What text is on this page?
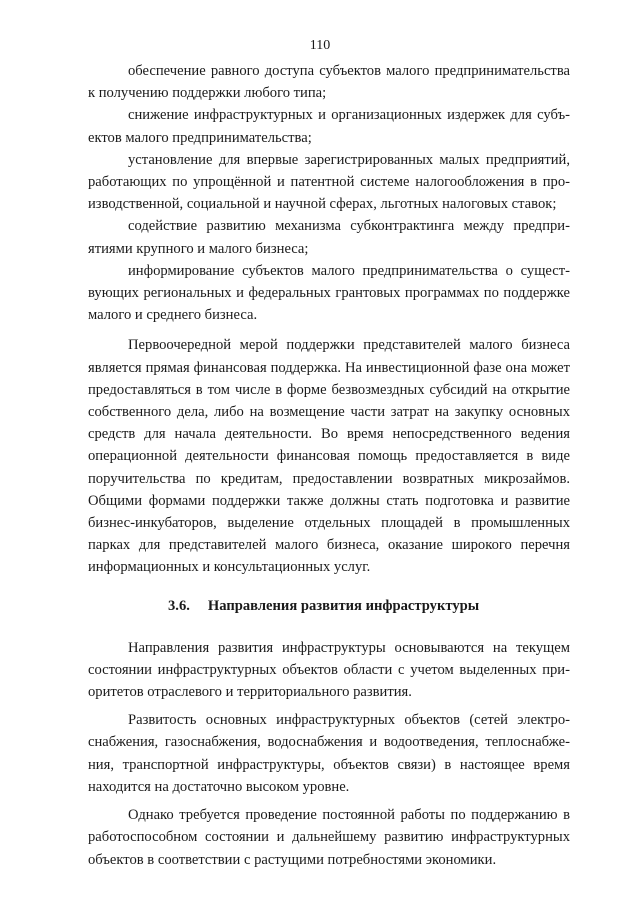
110

обеспечение равного доступа субъектов малого предпринимательства к получению поддержки любого типа;

снижение инфраструктурных и организационных издержек для субъектов малого предпринимательства;

установление для впервые зарегистрированных малых предприятий, работающих по упрощённой и патентной системе налогообложения в производственной, социальной и научной сферах, льготных налоговых ставок;

содействие развитию механизма субконтрактинга между предприятиями крупного и малого бизнеса;

информирование субъектов малого предпринимательства о существующих региональных и федеральных грантовых программах по поддержке малого и среднего бизнеса.

Первоочередной мерой поддержки представителей малого бизнеса является прямая финансовая поддержка. На инвестиционной фазе она может предоставляться в том числе в форме безвозмездных субсидий на открытие собственного дела, либо на возмещение части затрат на закупку основных средств для начала деятельности. Во время непосредственного ведения операционной деятельности финансовая помощь предоставляется в виде поручительства по кредитам, предоставлении возвратных микрозаймов. Общими формами поддержки также должны стать подготовка и развитие бизнес-инкубаторов, выделение отдельных площадей в промышленных парках для представителей малого бизнеса, оказание широкого перечня информационных и консультационных услуг.

3.6. Направления развития инфраструктуры

Направления развития инфраструктуры основываются на текущем состоянии инфраструктурных объектов области с учетом выделенных приоритетов отраслевого и территориального развития.

Развитость основных инфраструктурных объектов (сетей электроснабжения, газоснабжения, водоснабжения и водоотведения, теплоснабжения, транспортной инфраструктуры, объектов связи) в настоящее время находится на достаточно высоком уровне.

Однако требуется проведение постоянной работы по поддержанию в работоспособном состоянии и дальнейшему развитию инфраструктурных объектов в соответствии с растущими потребностями экономики.
